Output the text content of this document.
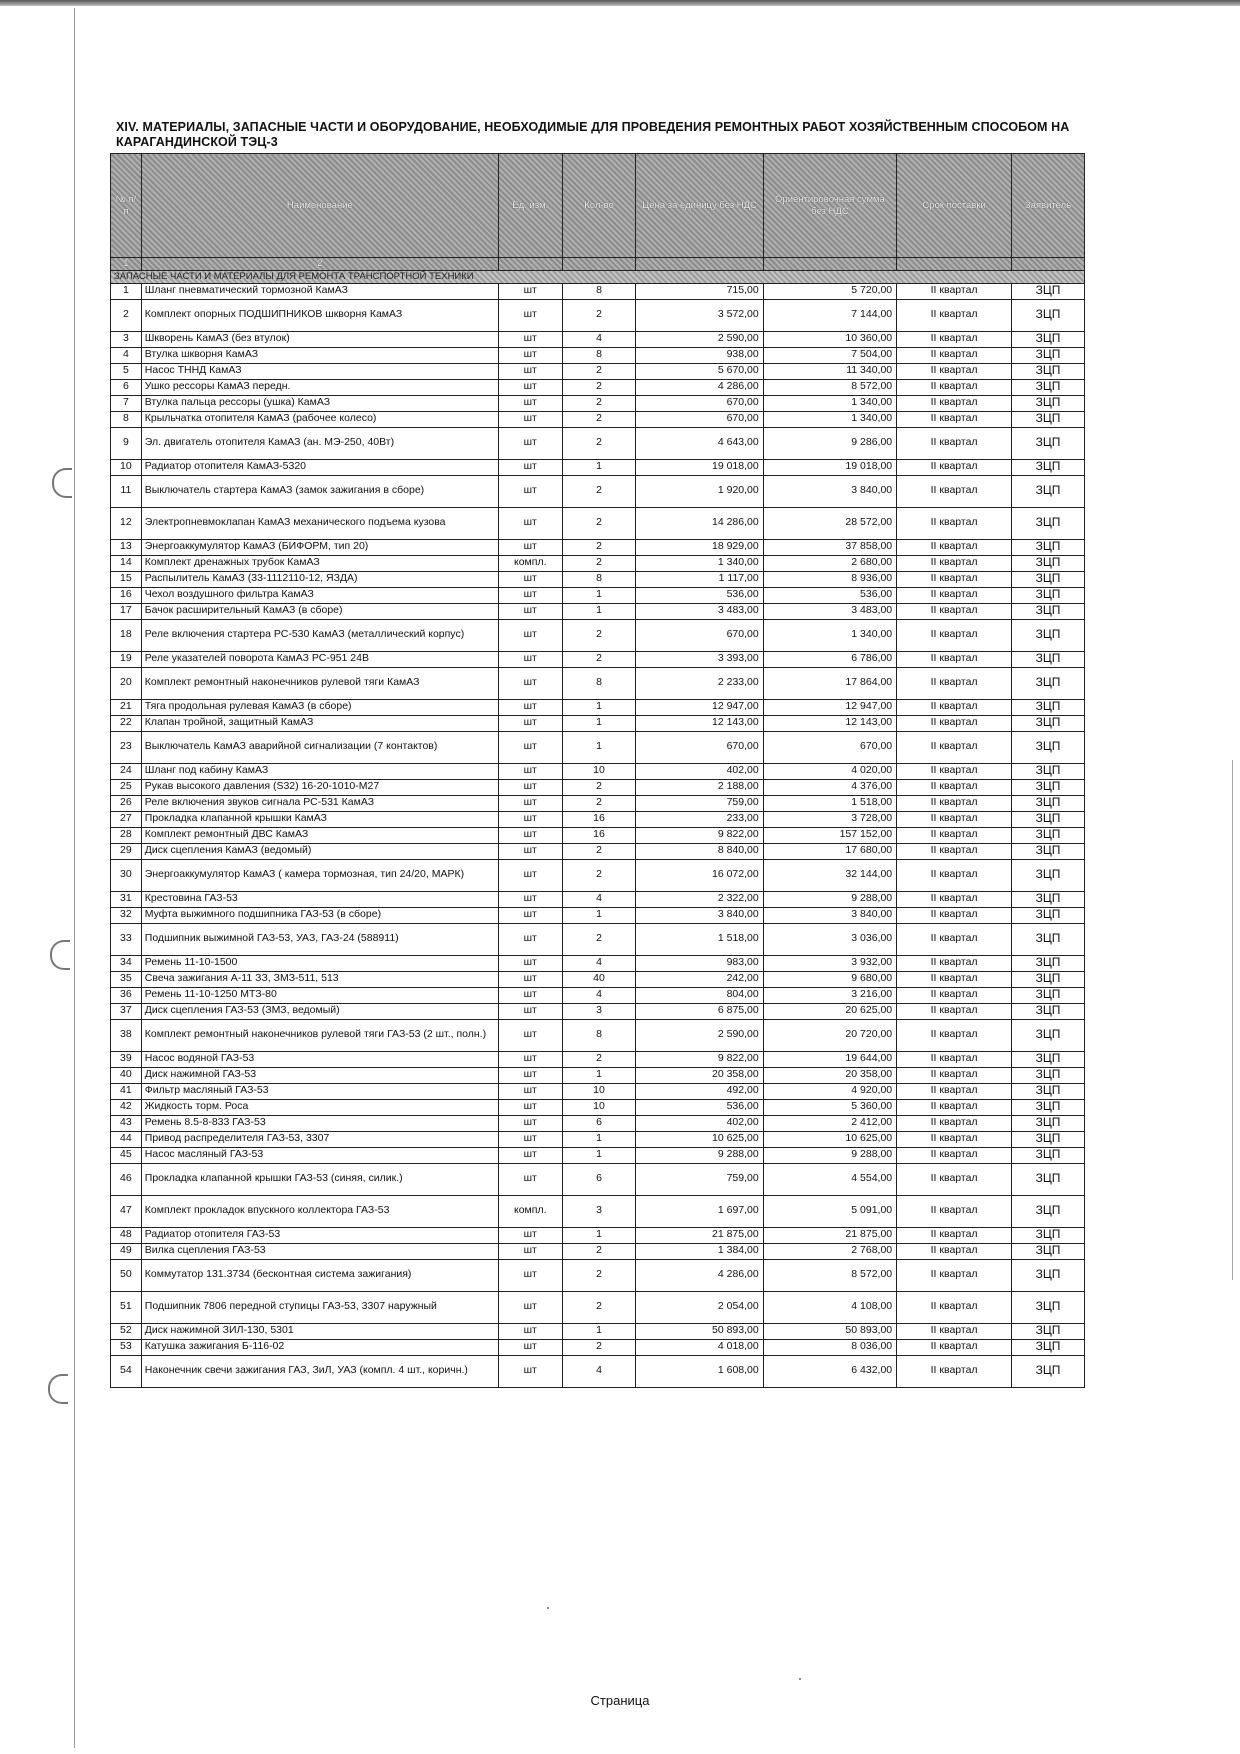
XIV. МАТЕРИАЛЫ, ЗАПАСНЫЕ ЧАСТИ И ОБОРУДОВАНИЕ, НЕОБХОДИМЫЕ ДЛЯ ПРОВЕДЕНИЯ РЕМОНТНЫХ РАБОТ ХОЗЯЙСТВЕННЫМ СПОСОБОМ НА КАРАГАНДИНСКОЙ ТЭЦ-3
№ п/п	Наименование	Ед. изм.	Кол-во	Цена за единицу без НДС	Ориентировочная сумма без НДС	Срок поставки	Заявитель
1	2						
ЗАПАСНЫЕ ЧАСТИ И МАТЕРИАЛЫ ДЛЯ РЕМОНТА ТРАНСПОРТНОЙ ТЕХНИКИ							
1	Шланг пневматический тормозной КамАЗ	шт	8	715,00	5 720,00	II квартал	ЗЦП
2	Комплект опорных ПОДШИПНИКОВ шкворня КамАЗ	шт	2	3 572,00	7 144,00	II квартал	ЗЦП
3	Шкворень КамАЗ (без втулок)	шт	4	2 590,00	10 360,00	II квартал	ЗЦП
4	Втулка шкворня КамАЗ	шт	8	938,00	7 504,00	II квартал	ЗЦП
5	Насос ТННД КамАЗ	шт	2	5 670,00	11 340,00	II квартал	ЗЦП
6	Ушко рессоры КамАЗ передн.	шт	2	4 286,00	8 572,00	II квартал	ЗЦП
7	Втулка пальца рессоры (ушка) КамАЗ	шт	2	670,00	1 340,00	II квартал	ЗЦП
8	Крыльчатка отопителя КамАЗ (рабочее колесо)	шт	2	670,00	1 340,00	II квартал	ЗЦП
9	Эл. двигатель отопителя КамАЗ (ан. МЭ-250, 40Вт)	шт	2	4 643,00	9 286,00	II квартал	ЗЦП
10	Радиатор отопителя КамАЗ-5320	шт	1	19 018,00	19 018,00	II квартал	ЗЦП
11	Выключатель стартера КамАЗ (замок зажигания в сборе)	шт	2	1 920,00	3 840,00	II квартал	ЗЦП
12	Электропневмоклапан КамАЗ механического подъема кузова	шт	2	14 286,00	28 572,00	II квартал	ЗЦП
13	Энергоаккумулятор КамАЗ (БИФОРМ, тип 20)	шт	2	18 929,00	37 858,00	II квартал	ЗЦП
14	Комплект дренажных трубок КамАЗ	компл.	2	1 340,00	2 680,00	II квартал	ЗЦП
15	Распылитель КамАЗ (33-1112110-12, ЯЗДА)	шт	8	1 117,00	8 936,00	II квартал	ЗЦП
16	Чехол воздушного фильтра КамАЗ	шт	1	536,00	536,00	II квартал	ЗЦП
17	Бачок расширительный КамАЗ (в сборе)	шт	1	3 483,00	3 483,00	II квартал	ЗЦП
18	Реле включения стартера РС-530 КамАЗ (металлический корпус)	шт	2	670,00	1 340,00	II квартал	ЗЦП
19	Реле указателей поворота КамАЗ РС-951 24В	шт	2	3 393,00	6 786,00	II квартал	ЗЦП
20	Комплект ремонтный наконечников рулевой тяги КамАЗ	шт	8	2 233,00	17 864,00	II квартал	ЗЦП
21	Тяга продольная рулевая КамАЗ (в сборе)	шт	1	12 947,00	12 947,00	II квартал	ЗЦП
22	Клапан тройной, защитный КамАЗ	шт	1	12 143,00	12 143,00	II квартал	ЗЦП
23	Выключатель КамАЗ аварийной сигнализации (7 контактов)	шт	1	670,00	670,00	II квартал	ЗЦП
24	Шланг под кабину КамАЗ	шт	10	402,00	4 020,00	II квартал	ЗЦП
25	Рукав высокого давления (S32) 16-20-1010-М27	шт	2	2 188,00	4 376,00	II квартал	ЗЦП
26	Реле включения звуков сигнала РС-531 КамАЗ	шт	2	759,00	1 518,00	II квартал	ЗЦП
27	Прокладка клапанной крышки КамАЗ	шт	16	233,00	3 728,00	II квартал	ЗЦП
28	Комплект ремонтный ДВС КамАЗ	шт	16	9 822,00	157 152,00	II квартал	ЗЦП
29	Диск сцепления КамАЗ (ведомый)	шт	2	8 840,00	17 680,00	II квартал	ЗЦП
30	Энергоаккумулятор КамАЗ ( камера тормозная, тип 24/20, МАРК)	шт	2	16 072,00	32 144,00	II квартал	ЗЦП
31	Крестовина ГАЗ-53	шт	4	2 322,00	9 288,00	II квартал	ЗЦП
32	Муфта выжимного подшипника ГАЗ-53 (в сборе)	шт	1	3 840,00	3 840,00	II квартал	ЗЦП
33	Подшипник выжимной ГАЗ-53, УАЗ, ГАЗ-24 (588911)	шт	2	1 518,00	3 036,00	II квартал	ЗЦП
34	Ремень 11-10-1500	шт	4	983,00	3 932,00	II квартал	ЗЦП
35	Свеча зажигания А-11 ЗЗ, ЗМЗ-511, 513	шт	40	242,00	9 680,00	II квартал	ЗЦП
36	Ремень 11-10-1250 МТЗ-80	шт	4	804,00	3 216,00	II квартал	ЗЦП
37	Диск сцепления ГАЗ-53 (ЗМЗ, ведомый)	шт	3	6 875,00	20 625,00	II квартал	ЗЦП
38	Комплект ремонтный наконечников рулевой тяги ГАЗ-53 (2 шт., полн.)	шт	8	2 590,00	20 720,00	II квартал	ЗЦП
39	Насос водяной ГАЗ-53	шт	2	9 822,00	19 644,00	II квартал	ЗЦП
40	Диск нажимной ГАЗ-53	шт	1	20 358,00	20 358,00	II квартал	ЗЦП
41	Фильтр масляный ГАЗ-53	шт	10	492,00	4 920,00	II квартал	ЗЦП
42	Жидкость торм. Роса	шт	10	536,00	5 360,00	II квартал	ЗЦП
43	Ремень 8.5-8-833 ГАЗ-53	шт	6	402,00	2 412,00	II квартал	ЗЦП
44	Привод распределителя ГАЗ-53, 3307	шт	1	10 625,00	10 625,00	II квартал	ЗЦП
45	Насос масляный ГАЗ-53	шт	1	9 288,00	9 288,00	II квартал	ЗЦП
46	Прокладка клапанной крышки ГАЗ-53 (синяя, силик.)	шт	6	759,00	4 554,00	II квартал	ЗЦП
47	Комплект прокладок впускного коллектора ГАЗ-53	компл.	3	1 697,00	5 091,00	II квартал	ЗЦП
48	Радиатор отопителя ГАЗ-53	шт	1	21 875,00	21 875,00	II квартал	ЗЦП
49	Вилка сцепления ГАЗ-53	шт	2	1 384,00	2 768,00	II квартал	ЗЦП
50	Коммутатор 131.3734 (бесконтная система зажигания)	шт	2	4 286,00	8 572,00	II квартал	ЗЦП
51	Подшипник 7806 передной ступицы ГАЗ-53, 3307 наружный	шт	2	2 054,00	4 108,00	II квартал	ЗЦП
52	Диск нажимной ЗИЛ-130, 5301	шт	1	50 893,00	50 893,00	II квартал	ЗЦП
53	Катушка зажигания Б-116-02	шт	2	4 018,00	8 036,00	II квартал	ЗЦП
54	Наконечник свечи зажигания ГАЗ, ЗиЛ, УАЗ (компл. 4 шт., коричн.)	шт	4	1 608,00	6 432,00	II квартал	ЗЦП
Страница
